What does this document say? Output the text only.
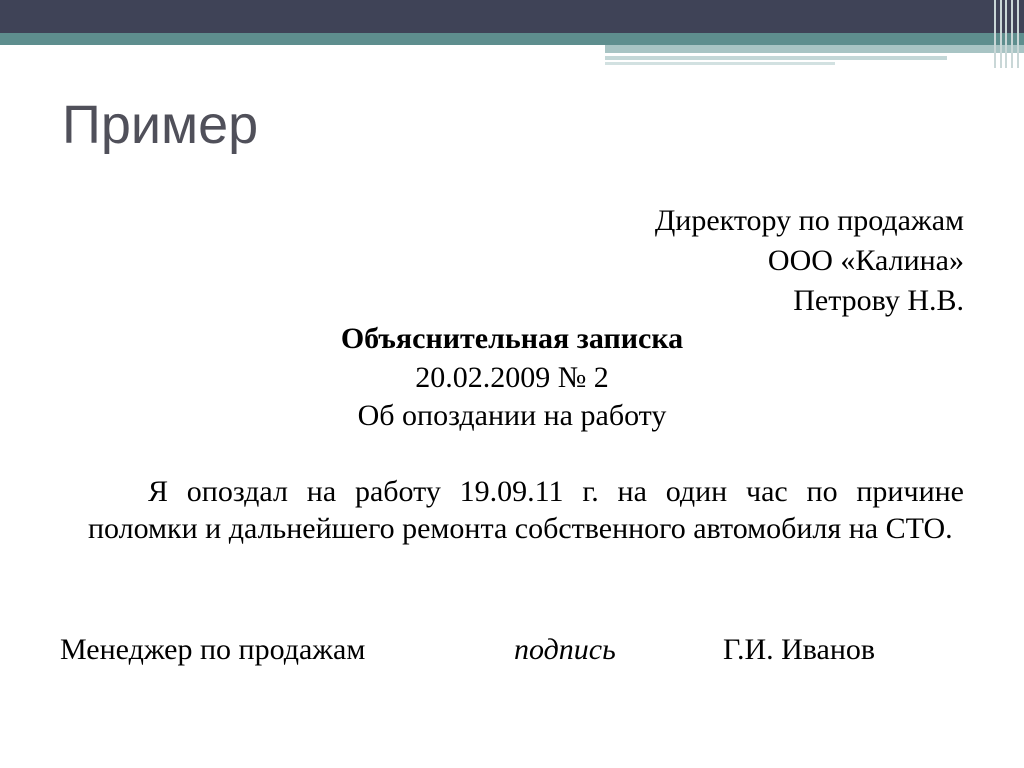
Пример
Директору по продажам
ООО «Калина»
Петрову Н.В.
Объяснительная записка
20.02.2009 № 2
Об опоздании на работу

Я опоздал на работу 19.09.11 г. на один час по причине поломки и дальнейшего ремонта собственного автомобиля на СТО.

Менеджер по продажам	подпись	Г.И. Иванов
